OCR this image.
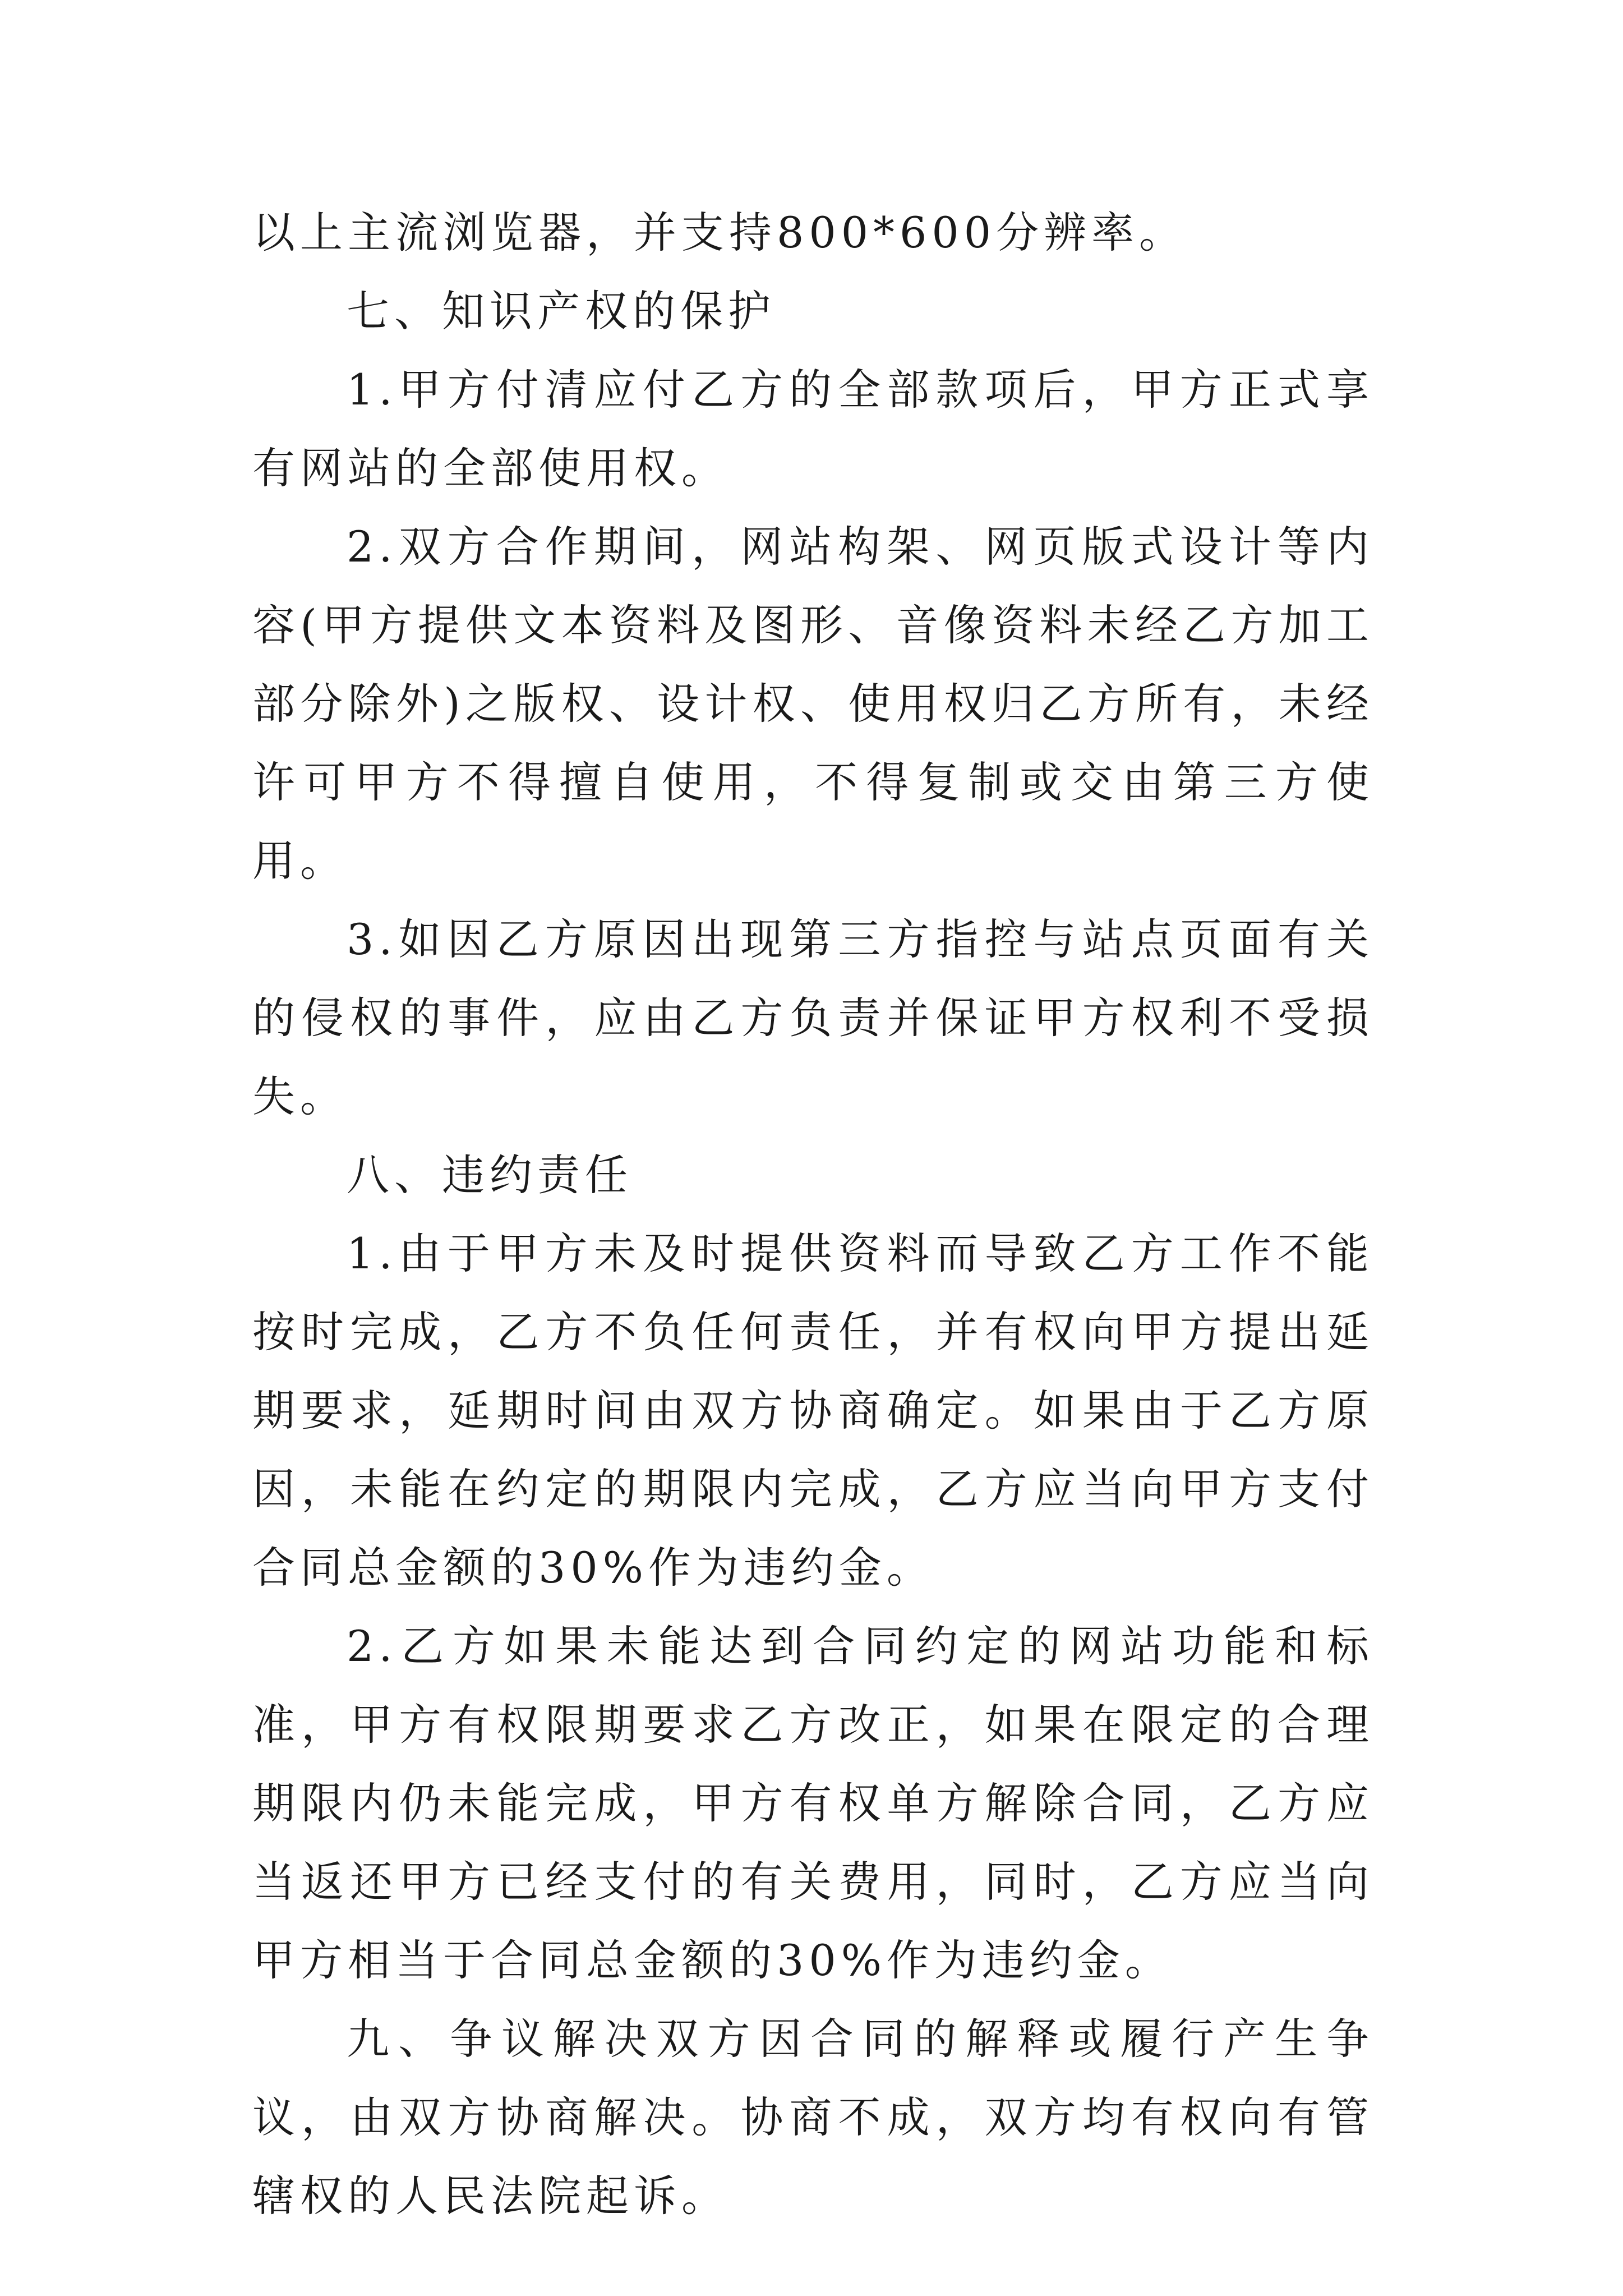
以上主流浏览器，并支持800*600分辨率。

七、知识产权的保护

1.甲方付清应付乙方的全部款项后，甲方正式享有网站的全部使用权。

2.双方合作期间，网站构架、网页版式设计等内容(甲方提供文本资料及图形、音像资料未经乙方加工部分除外)之版权、设计权、使用权归乙方所有，未经许可甲方不得擅自使用，不得复制或交由第三方使用。

3.如因乙方原因出现第三方指控与站点页面有关的侵权的事件，应由乙方负责并保证甲方权利不受损失。

八、违约责任

1.由于甲方未及时提供资料而导致乙方工作不能按时完成，乙方不负任何责任，并有权向甲方提出延期要求，延期时间由双方协商确定。如果由于乙方原因，未能在约定的期限内完成，乙方应当向甲方支付合同总金额的30%作为违约金。

2.乙方如果未能达到合同约定的网站功能和标准，甲方有权限期要求乙方改正，如果在限定的合理期限内仍未能完成，甲方有权单方解除合同，乙方应当返还甲方已经支付的有关费用，同时，乙方应当向甲方相当于合同总金额的30%作为违约金。

九、争议解决双方因合同的解释或履行产生争议，由双方协商解决。协商不成，双方均有权向有管辖权的人民法院起诉。
